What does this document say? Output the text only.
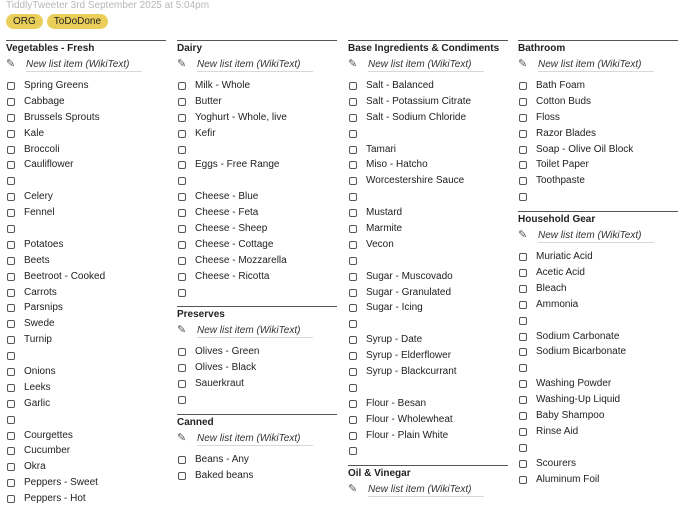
TiddlyTweeter 3rd September 2025 at 5:04pm
ORG	ToDoDone
Vegetables - Fresh
✎
New list item (WikiText)
Spring Greens
Cabbage
Brussels Sprouts
Kale
Broccoli
Cauliflower
Celery
Fennel
Potatoes
Beets
Beetroot - Cooked
Carrots
Parsnips
Swede
Turnip
Onions
Leeks
Garlic
Courgettes
Cucumber
Okra
Peppers - Sweet
Peppers - Hot
Dairy
✎
New list item (WikiText)
Milk - Whole
Butter
Yoghurt - Whole, live
Kefir
Eggs - Free Range
Cheese - Blue
Cheese - Feta
Cheese - Sheep
Cheese - Cottage
Cheese - Mozzarella
Cheese - Ricotta
Preserves
✎
New list item (WikiText)
Olives - Green
Olives - Black
Sauerkraut
Canned
✎
New list item (WikiText)
Beans - Any
Baked beans
Base Ingredients & Condiments
✎
New list item (WikiText)
Salt - Balanced
Salt - Potassium Citrate
Salt - Sodium Chloride
Tamari
Miso - Hatcho
Worcestershire Sauce
Mustard
Marmite
Vecon
Sugar - Muscovado
Sugar - Granulated
Sugar - Icing
Syrup - Date
Syrup - Elderflower
Syrup - Blackcurrant
Flour - Besan
Flour - Wholewheat
Flour - Plain White
Oil & Vinegar
✎
New list item (WikiText)
Bathroom
✎
New list item (WikiText)
Bath Foam
Cotton Buds
Floss
Razor Blades
Soap - Olive Oil Block
Toilet Paper
Toothpaste
Household Gear
✎
New list item (WikiText)
Muriatic Acid
Acetic Acid
Bleach
Ammonia
Sodium Carbonate
Sodium Bicarbonate
Washing Powder
Washing-Up Liquid
Baby Shampoo
Rinse Aid
Scourers
Aluminum Foil
